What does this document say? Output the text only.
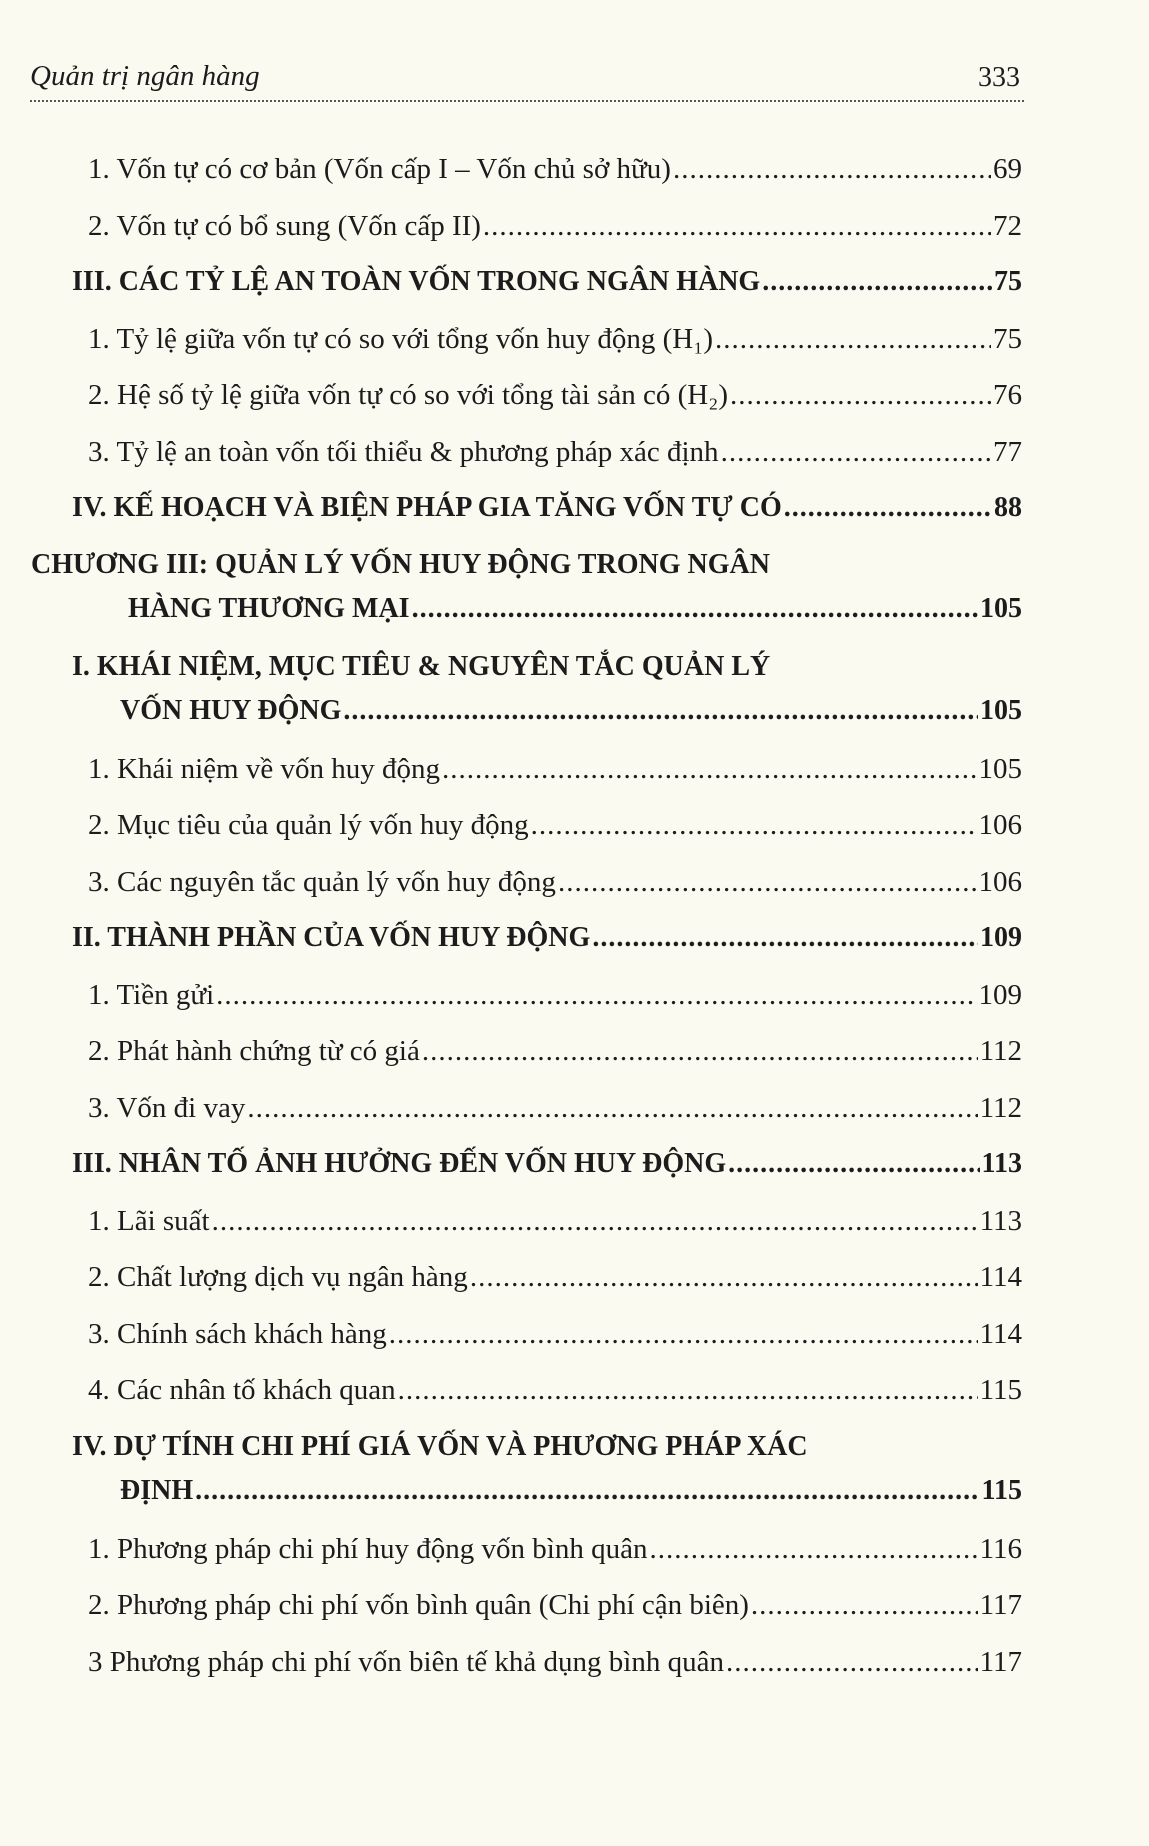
Quản trị ngân hàng	333
1. Vốn tự có cơ bản (Vốn cấp I – Vốn chủ sở hữu) .....	69
2. Vốn tự có bổ sung (Vốn cấp II) .....	72
III. CÁC TỶ LỆ AN TOÀN VỐN TRONG NGÂN HÀNG .....	75
1. Tỷ lệ giữa vốn tự có so với tổng vốn huy động (H₁) .....	75
2. Hệ số tỷ lệ giữa vốn tự có so với tổng tài sản có (H₂) .....	76
3. Tỷ lệ an toàn vốn tối thiểu & phương pháp xác định .....	77
IV. KẾ HOẠCH VÀ BIỆN PHÁP GIA TĂNG VỐN TỰ CÓ .....	88
CHƯƠNG III: QUẢN LÝ VỐN HUY ĐỘNG TRONG NGÂN
HÀNG THƯƠNG MẠI .....	105
I. KHÁI NIỆM, MỤC TIÊU & NGUYÊN TẮC QUẢN LÝ
VỐN HUY ĐỘNG .....	105
1. Khái niệm về vốn huy động .....	105
2. Mục tiêu của quản lý vốn huy động .....	106
3. Các nguyên tắc quản lý vốn huy động .....	106
II. THÀNH PHẦN CỦA VỐN HUY ĐỘNG .....	109
1. Tiền gửi .....	109
2. Phát hành chứng từ có giá .....	112
3. Vốn đi vay .....	112
III. NHÂN TỐ ẢNH HƯỞNG ĐẾN VỐN HUY ĐỘNG .....	113
1. Lãi suất .....	113
2. Chất lượng dịch vụ ngân hàng .....	114
3. Chính sách khách hàng .....	114
4. Các nhân tố khách quan .....	115
IV. DỰ TÍNH CHI PHÍ GIÁ VỐN VÀ PHƯƠNG PHÁP XÁC
ĐỊNH .....	115
1. Phương pháp chi phí huy động vốn bình quân .....	116
2. Phương pháp chi phí vốn bình quân (Chi phí cận biên) .....	117
3 Phương pháp chi phí vốn biên tế khả dụng bình quân .....	117
